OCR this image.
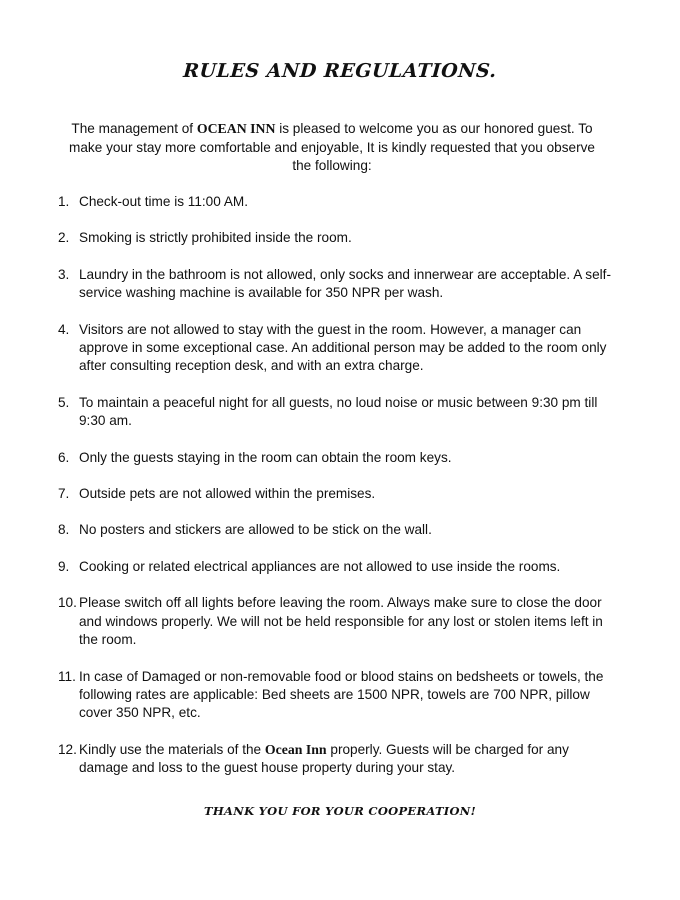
RULES AND REGULATIONS.
The management of OCEAN INN is pleased to welcome you as our honored guest. To make your stay more comfortable and enjoyable, It is kindly requested that you observe the following:
1. Check-out time is 11:00 AM.
2. Smoking is strictly prohibited inside the room.
3. Laundry in the bathroom is not allowed, only socks and innerwear are acceptable. A self-service washing machine is available for 350 NPR per wash.
4. Visitors are not allowed to stay with the guest in the room. However, a manager can approve in some exceptional case. An additional person may be added to the room only after consulting reception desk, and with an extra charge.
5. To maintain a peaceful night for all guests, no loud noise or music between 9:30 pm till 9:30 am.
6. Only the guests staying in the room can obtain the room keys.
7. Outside pets are not allowed within the premises.
8. No posters and stickers are allowed to be stick on the wall.
9. Cooking or related electrical appliances are not allowed to use inside the rooms.
10. Please switch off all lights before leaving the room. Always make sure to close the door and windows properly. We will not be held responsible for any lost or stolen items left in the room.
11. In case of Damaged or non-removable food or blood stains on bedsheets or towels, the following rates are applicable: Bed sheets are 1500 NPR, towels are 700 NPR, pillow cover 350 NPR, etc.
12. Kindly use the materials of the Ocean Inn properly. Guests will be charged for any damage and loss to the guest house property during your stay.
THANK YOU FOR YOUR COOPERATION!
